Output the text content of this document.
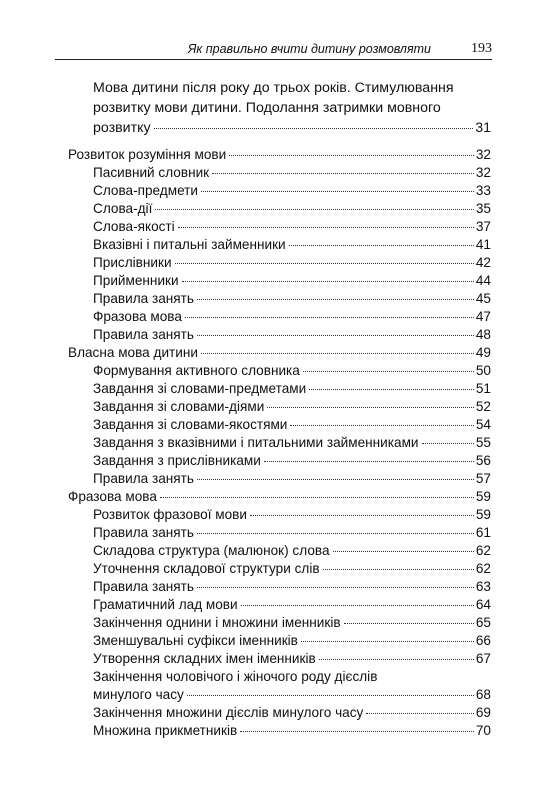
Як правильно вчити дитину розмовляти	193
Мова дитини після року до трьох років. Стимулювання
розвитку мови дитини. Подолання затримки мовного
розвитку	31
Розвиток розуміння мови	32
Пасивний словник	32
Слова-предмети	33
Слова-дії	35
Слова-якості	37
Вказівні і питальні займенники	41
Прислівники	42
Прийменники	44
Правила занять	45
Фразова мова	47
Правила занять	48
Власна мова дитини	49
Формування активного словника	50
Завдання зі словами-предметами	51
Завдання зі словами-діями	52
Завдання зі словами-якостями	54
Завдання з вказівними і питальними займенниками	55
Завдання з прислівниками	56
Правила занять	57
Фразова мова	59
Розвиток фразової мови	59
Правила занять	61
Складова структура (малюнок) слова	62
Уточнення складової структури слів	62
Правила занять	63
Граматичний лад мови	64
Закінчення однини і множини іменників	65
Зменшувальні суфікси іменників	66
Утворення складних імен іменників	67
Закінчення чоловічого і жіночого роду дієслів
минулого часу	68
Закінчення множини дієслів минулого часу	69
Множина прикметників	70
